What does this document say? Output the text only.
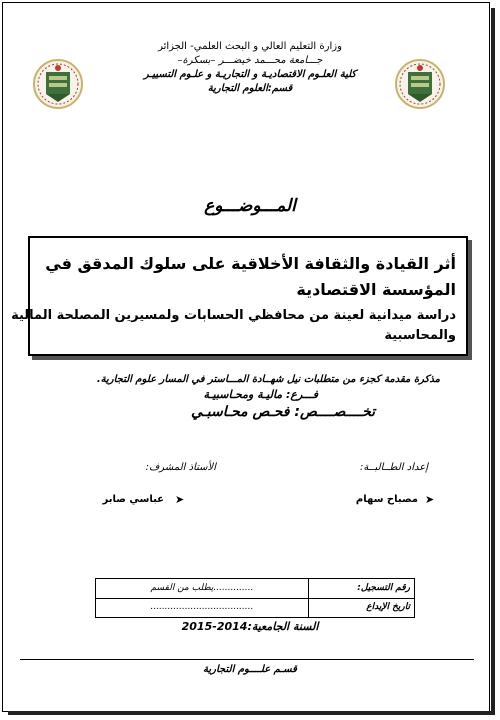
وزارة التعليم العالي و البحث العلمي- الجزائر
جـــامعة محـــمد خيضـــر –بسكرة–
كلية العلـوم الاقتصاديـة و التجاريـة و علـوم التسييـر
قسم:العلوم التجارية
المـــوضـــوع
أثر القيادة والثقافة الأخلاقية على سلوك المدقق في
المؤسسة الاقتصادية
دراسة ميدانية لعينة من محافظي الحسابات ولمسيرين المصلحة المالية
والمحاسبية
مذكرة مقدمة كجزء من متطلبات نيل شهــادة المـــاستر في المسار علوم التجارية.
فـــرع: ماليـة ومحـاسبيـة
تخــــصــــص: فحـص محـاسبـي
إعداد الطــالبــة:
الأستاذ المشرف:
➤
مصباح سهام
➤
عباسي صابر
رقم التسجيل:
..............يطلب من القسم
تاريخ الإيداع
....................................
السنة الجامعية:2014-2015
قسـم علــــوم التجارية
